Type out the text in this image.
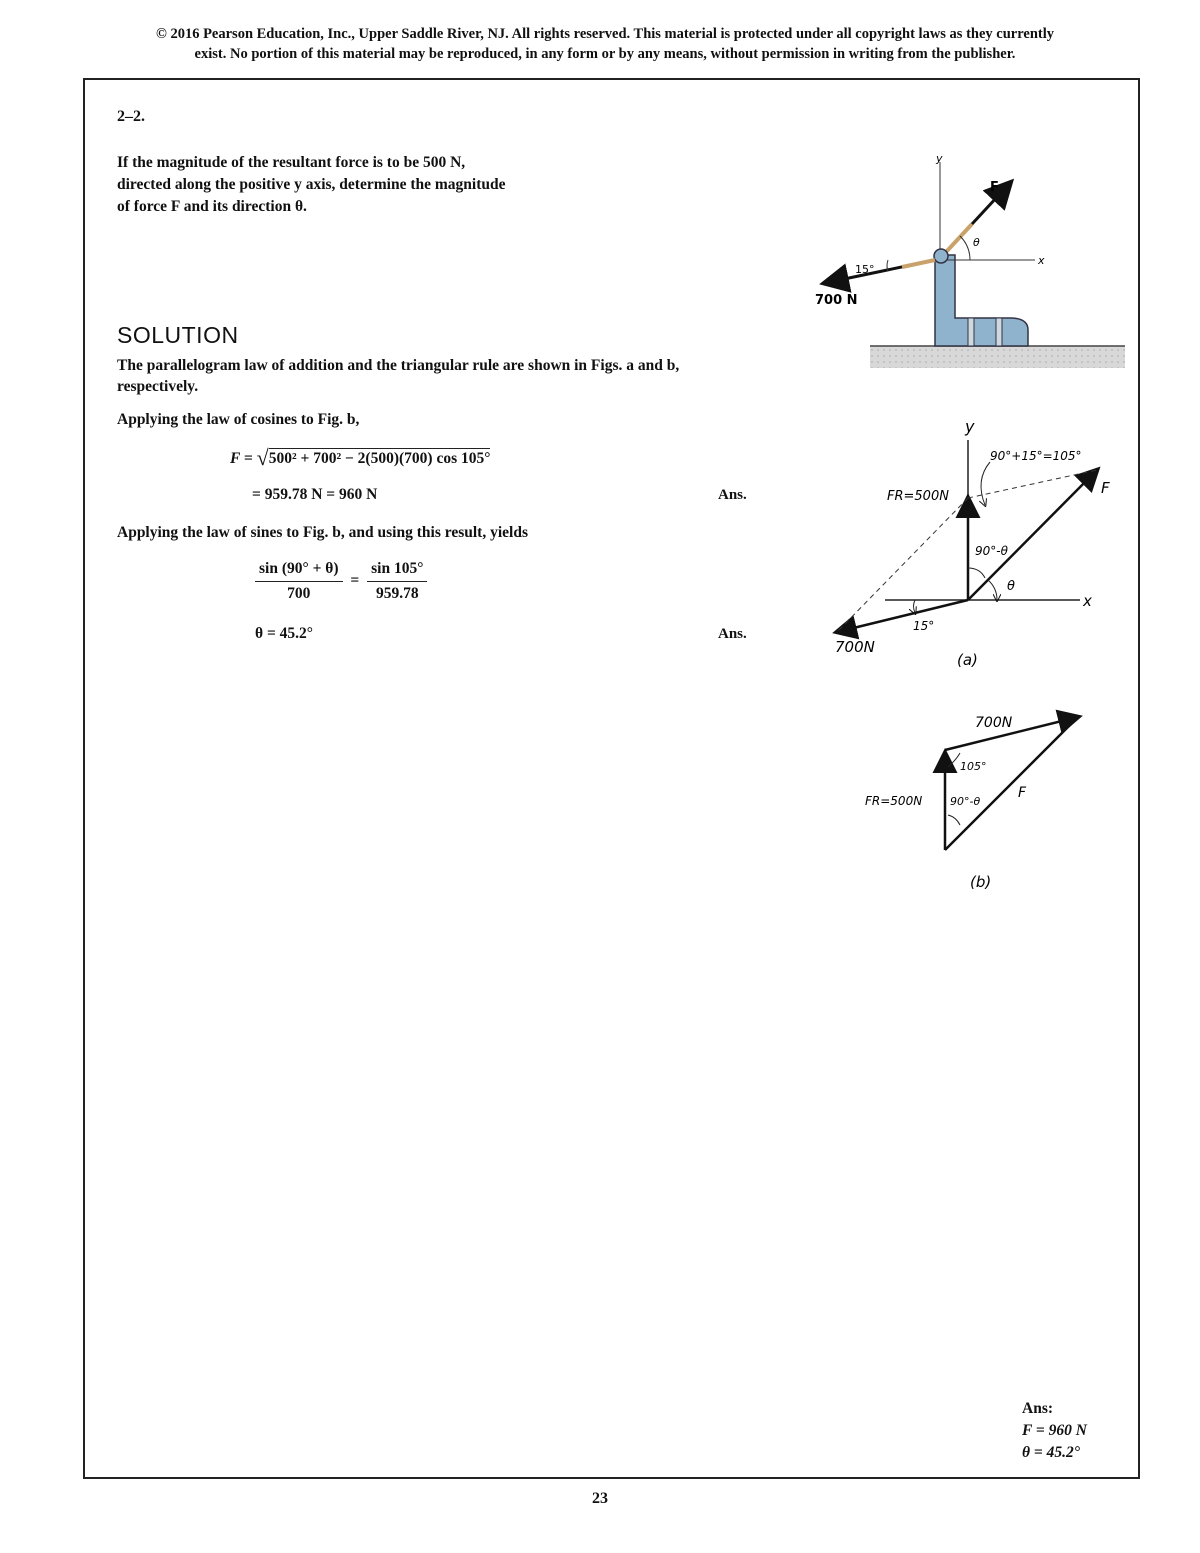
© 2016 Pearson Education, Inc., Upper Saddle River, NJ. All rights reserved. This material is protected under all copyright laws as they currently
exist. No portion of this material may be reproduced, in any form or by any means, without permission in writing from the publisher.
2–2.
If the magnitude of the resultant force is to be 500 N,
directed along the positive y axis, determine the magnitude
of force F and its direction θ.
y
x
F
θ
15°
700 N
SOLUTION
The parallelogram law of addition and the triangular rule are shown in Figs. a and b,
respectively.
Applying the law of cosines to Fig. b,
F = √500² + 700² − 2(500)(700) cos 105°
= 959.78 N = 960 N	Ans.
Applying the law of sines to Fig. b, and using this result, yields
$\frac{\sin (90^\circ + \theta)}{700} = \frac{\sin 105^\circ}{959.78}$
θ = 45.2°	Ans.
y
x
FR=500N	F
700N
90°+15°=105°
90°-θ
θ
15°
(a)
700N
105°
FR=500N	90°-θ
F
(b)
Ans:
F = 960 N
θ = 45.2°
23
